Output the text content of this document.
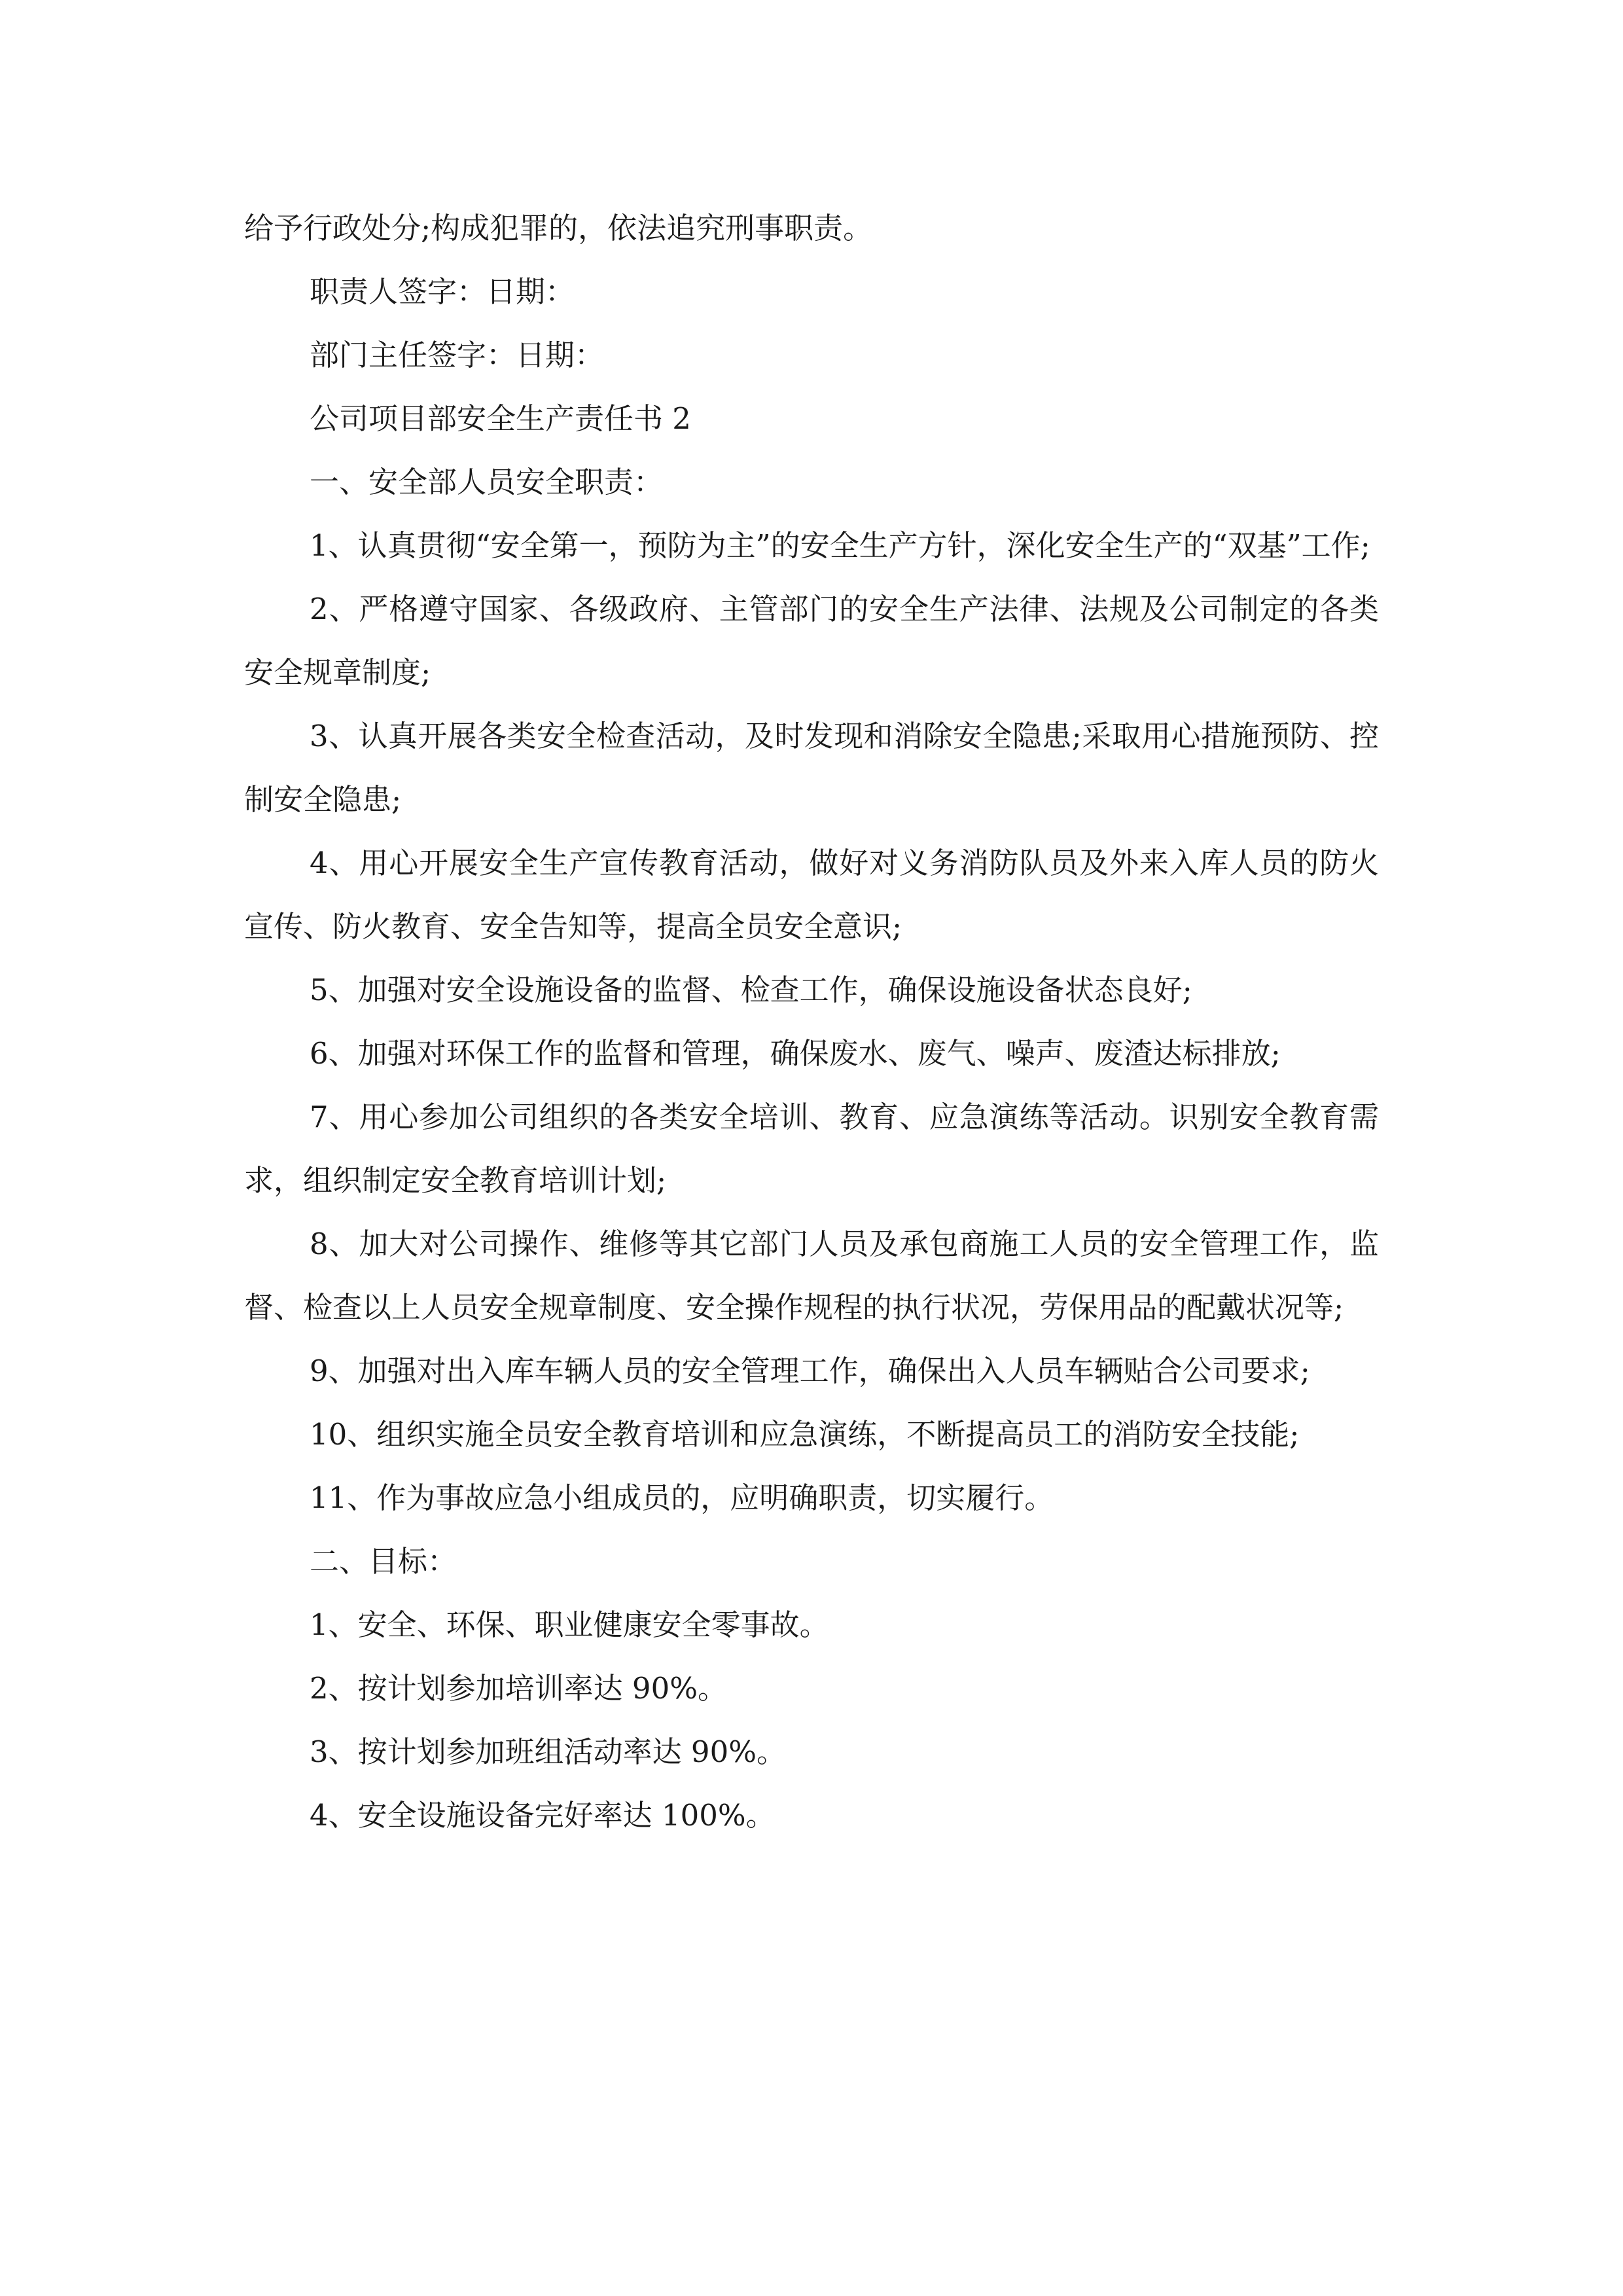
给予行政处分;构成犯罪的，依法追究刑事职责。

职责人签字：日期：

部门主任签字：日期：

公司项目部安全生产责任书 2

一、安全部人员安全职责：

1、认真贯彻“安全第一，预防为主”的安全生产方针，深化安全生产的“双基”工作;

2、严格遵守国家、各级政府、主管部门的安全生产法律、法规及公司制定的各类安全规章制度;

3、认真开展各类安全检查活动，及时发现和消除安全隐患;采取用心措施预防、控制安全隐患;

4、用心开展安全生产宣传教育活动，做好对义务消防队员及外来入库人员的防火宣传、防火教育、安全告知等，提高全员安全意识;

5、加强对安全设施设备的监督、检查工作，确保设施设备状态良好;

6、加强对环保工作的监督和管理，确保废水、废气、噪声、废渣达标排放;

7、用心参加公司组织的各类安全培训、教育、应急演练等活动。识别安全教育需求，组织制定安全教育培训计划;

8、加大对公司操作、维修等其它部门人员及承包商施工人员的安全管理工作，监督、检查以上人员安全规章制度、安全操作规程的执行状况，劳保用品的配戴状况等;

9、加强对出入库车辆人员的安全管理工作，确保出入人员车辆贴合公司要求;

10、组织实施全员安全教育培训和应急演练，不断提高员工的消防安全技能;

11、作为事故应急小组成员的，应明确职责，切实履行。

二、目标：

1、安全、环保、职业健康安全零事故。

2、按计划参加培训率达 90%。

3、按计划参加班组活动率达 90%。

4、安全设施设备完好率达 100%。
